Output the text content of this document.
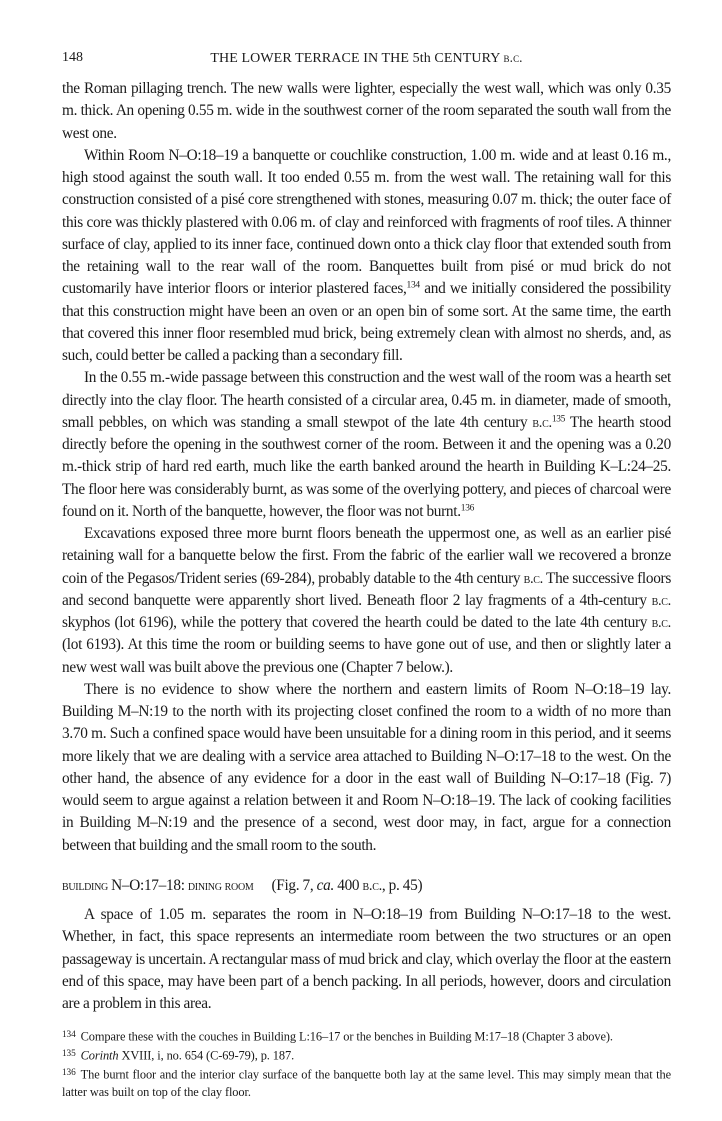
148	THE LOWER TERRACE IN THE 5th CENTURY b.c.

the Roman pillaging trench. The new walls were lighter, especially the west wall, which was only 0.35 m. thick. An opening 0.55 m. wide in the southwest corner of the room separated the south wall from the west one.

Within Room N–O:18–19 a banquette or couchlike construction, 1.00 m. wide and at least 0.16 m., high stood against the south wall. It too ended 0.55 m. from the west wall. The retaining wall for this construction consisted of a pisé core strengthened with stones, measuring 0.07 m. thick; the outer face of this core was thickly plastered with 0.06 m. of clay and reinforced with fragments of roof tiles. A thinner surface of clay, applied to its inner face, continued down onto a thick clay floor that extended south from the retaining wall to the rear wall of the room. Banquettes built from pisé or mud brick do not customarily have interior floors or interior plastered faces,$^{134}$ and we initially considered the possibility that this construction might have been an oven or an open bin of some sort. At the same time, the earth that covered this inner floor resembled mud brick, being extremely clean with almost no sherds, and, as such, could better be called a packing than a secondary fill.

In the 0.55 m.-wide passage between this construction and the west wall of the room was a hearth set directly into the clay floor. The hearth consisted of a circular area, 0.45 m. in diameter, made of smooth, small pebbles, on which was standing a small stewpot of the late 4th century b.c.$^{135}$ The hearth stood directly before the opening in the southwest corner of the room. Between it and the opening was a 0.20 m.-thick strip of hard red earth, much like the earth banked around the hearth in Building K–L:24–25. The floor here was considerably burnt, as was some of the overlying pottery, and pieces of charcoal were found on it. North of the banquette, however, the floor was not burnt.$^{136}$

Excavations exposed three more burnt floors beneath the uppermost one, as well as an earlier pisé retaining wall for a banquette below the first. From the fabric of the earlier wall we recovered a bronze coin of the Pegasos/Trident series (69-284), probably datable to the 4th century b.c. The successive floors and second banquette were apparently short lived. Beneath floor 2 lay fragments of a 4th-century b.c. skyphos (lot 6196), while the pottery that covered the hearth could be dated to the late 4th century b.c. (lot 6193). At this time the room or building seems to have gone out of use, and then or slightly later a new west wall was built above the previous one (Chapter 7 below.).

There is no evidence to show where the northern and eastern limits of Room N–O:18–19 lay. Building M–N:19 to the north with its projecting closet confined the room to a width of no more than 3.70 m. Such a confined space would have been unsuitable for a dining room in this period, and it seems more likely that we are dealing with a service area attached to Building N–O:17–18 to the west. On the other hand, the absence of any evidence for a door in the east wall of Building N–O:17–18 (Fig. 7) would seem to argue against a relation between it and Room N–O:18–19. The lack of cooking facilities in Building M–N:19 and the presence of a second, west door may, in fact, argue for a connection between that building and the small room to the south.

building N–O:17–18: dining room (Fig. 7, ca. 400 b.c., p. 45)

A space of 1.05 m. separates the room in N–O:18–19 from Building N–O:17–18 to the west. Whether, in fact, this space represents an intermediate room between the two structures or an open passageway is uncertain. A rectangular mass of mud brick and clay, which overlay the floor at the eastern end of this space, may have been part of a bench packing. In all periods, however, doors and circulation are a problem in this area.

$^{134}$ Compare these with the couches in Building L:16–17 or the benches in Building M:17–18 (Chapter 3 above).
$^{135}$ Corinth XVIII, i, no. 654 (C-69-79), p. 187.
$^{136}$ The burnt floor and the interior clay surface of the banquette both lay at the same level. This may simply mean that the latter was built on top of the clay floor.
